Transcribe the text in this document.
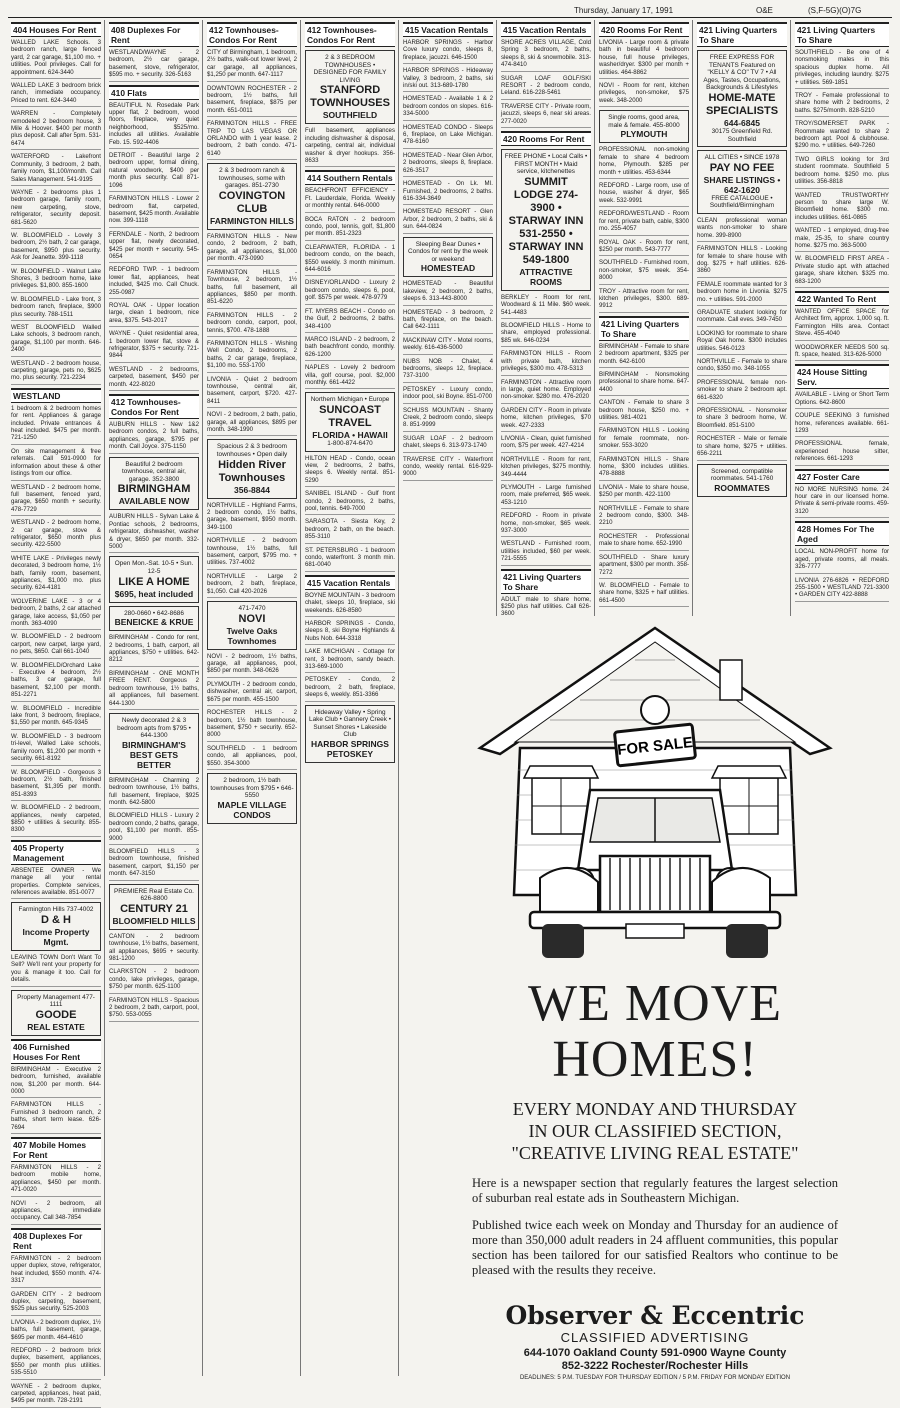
Thursday, January 17, 1991	O&E	(S,F-5G)(O)7G
404 Houses For Rent
WALLED LAKE Schools. 3 bedroom ranch, large fenced yard, 2 car garage, $1,100 mo. + utilities. Pool privileges. Call for appointment. 624-3440
WALLED LAKE 3 bedroom brick ranch, immediate occupancy. Priced to rent. 624-3440
WARREN - Completely remodeled 2 bedroom house, 3 Mile & Hoover. $400 per month plus deposit. Call after 5pm. 531-6474
WATERFORD - Lakefront Community, 3 bedroom, 2 bath, family room, $1,100/month. Call Sales Management. 541-9195
WAYNE - 2 bedrooms plus 1 bedroom garage, family room, new carpeting, stove, refrigerator, security deposit. 681-5620
W. BLOOMFIELD - Lovely 3 bedroom, 2½ bath, 2 car garage, basement, $950 plus security. Ask for Jeanette. 399-1118
W. BLOOMFIELD - Walnut Lake Shores, 3 bedroom home, lake privileges. $1,800. 855-1600
W. BLOOMFIELD - Lake front, 3 bedroom ranch, fireplace, $900 plus security. 788-1511
WEST BLOOMFIELD Walled Lake schools, 3 bedroom ranch, garage, $1,100 per month. 646-2400
WESTLAND - 2 bedroom house, carpeting, garage, pets no, $625 mo. plus security. 721-2234
WESTLAND
1 bedroom & 2 bedroom homes for rent. Appliances & garage included. Private entrances & heat included. $475 per month. 721-1250
On site management & free referrals. Call 591-0900 for information about these & other listings from our office.
WESTLAND - 2 bedroom home, full basement, fenced yard, garage, $650 month + security. 478-7729
WESTLAND - 2 bedroom home, 2 car garage, stove & refrigerator, $650 month plus security. 422-5500
WHITE LAKE - Privileges newly decorated, 3 bedroom home, 1½ bath, family room, basement, appliances, $1,000 mo. plus security. 624-4181
WOLVERINE LAKE - 3 or 4 bedroom, 2 baths, 2 car attached garage, lake access, $1,050 per month. 363-4090
W. BLOOMFIELD - 2 bedroom carport, new carpet, large yard, no pets, $650. Call 661-1040
W. BLOOMFIELD/Orchard Lake - Executive 4 bedroom, 2½ baths, 3 car garage, full basement, $2,100 per month. 851-2271
W. BLOOMFIELD - Incredible lake front, 3 bedroom, fireplace, $1,550 per month. 645-9345
W. BLOOMFIELD - 3 bedroom tri-level, Walled Lake schools, family room, $1,200 per month + security. 661-8192
W. BLOOMFIELD - Gorgeous 3 bedroom, 2½ bath, finished basement, $1,395 per month. 851-8393
W. BLOOMFIELD - 2 bedroom, appliances, newly carpeted, $850 + utilities & security. 855-8300
405 Property Management
ABSENTEE OWNER - We manage all your rental properties. Complete services, references available. 851-0077
Farmington Hills 737-4002
D & H
Income Property Mgmt.
LEAVING TOWN Don't Want To Sell? We'll rent your property for you & manage it too. Call for details.
Property Management 477-1111
GOODE
REAL ESTATE
406 Furnished Houses For Rent
BIRMINGHAM - Executive 2 bedroom, furnished, available now, $1,200 per month. 644-0000
FARMINGTON HILLS - Furnished 3 bedroom ranch, 2 baths, short term lease. 626-7694
407 Mobile Homes For Rent
FARMINGTON HILLS - 2 bedroom mobile home, appliances, $450 per month. 471-0020
NOVI - 2 bedroom, all appliances, immediate occupancy. Call 348-7854
408 Duplexes For Rent
FARMINGTON - 2 bedroom upper duplex, stove, refrigerator, heat included, $550 month. 474-3317
GARDEN CITY - 2 bedroom duplex, carpeting, basement, $525 plus security. 525-2003
LIVONIA - 2 bedroom duplex, 1½ baths, full basement, garage, $695 per month. 464-4610
REDFORD - 2 bedroom brick duplex, basement, appliances, $550 per month plus utilities. 535-5510
WAYNE - 2 bedroom duplex, carpeted, appliances, heat paid, $495 per month. 728-2191
408 Duplexes For Rent
WESTLAND/WAYNE - 2 bedroom, 2½ car garage, basement, stove, refrigerator, $595 mo. + security. 326-5163
410 Flats
BEAUTIFUL N. Rosedale Park upper flat, 2 bedroom, wood floors, fireplace, very quiet neighborhood, $525/mo. includes all utilities. Available Feb. 15. 592-4406
DETROIT - Beautiful large 2 bedroom upper, formal dining, natural woodwork, $400 per month plus security. Call 871-1096
FARMINGTON HILLS - Lower 2 bedroom flat, carpeted, basement, $425 month. Available now. 399-1118
FERNDALE - North, 2 bedroom upper flat, newly decorated, $425 per month + security. 545-0654
REDFORD TWP. - 1 bedroom lower flat, appliances, heat included, $425 mo. Call Chuck. 255-0987
ROYAL OAK - Upper location large, clean 1 bedroom, nice area, $375. 543-2017
WAYNE - Quiet residential area, 1 bedroom lower flat, stove & refrigerator, $375 + security. 721-9844
WESTLAND - 2 bedrooms, carpeted, basement, $450 per month. 422-8020
412 Townhouses-Condos For Rent
AUBURN HILLS - New 1&2 bedroom condos, 2 full baths, appliances, garage, $795 per month. Call Joyce. 375-1150
Beautiful 2 bedroom townhouse, central air, garage. 352-3800
BIRMINGHAM
AVAILABLE NOW
AUBURN HILLS - Sylvan Lake & Pontiac schools, 2 bedrooms, refrigerator, dishwasher, washer & dryer, $650 per month. 332-5000
Open Mon.-Sat. 10-5 • Sun. 12-5
LIKE A HOME
$695, heat included
280-0660 • 642-8686
BENEICKE & KRUE
BIRMINGHAM - Condo for rent, 2 bedrooms, 1 bath, carport, all appliances, $750 + utilities. 642-8212
BIRMINGHAM - ONE MONTH FREE RENT. Gorgeous 2 bedroom townhouse, 1½ baths, all appliances, full basement. 644-1300
Newly decorated 2 & 3 bedroom apts from $795 • 644-1300
BIRMINGHAM'S BEST GETS BETTER
BIRMINGHAM - Charming 2 bedroom townhouse, 1½ baths, full basement, fireplace, $925 month. 642-5800
BLOOMFIELD HILLS - Luxury 2 bedroom condo, 2 baths, garage, pool, $1,100 per month. 855-9000
BLOOMFIELD HILLS - 3 bedroom townhouse, finished basement, carport, $1,150 per month. 647-3150
PREMIERE Real Estate Co. 626-8800
CENTURY 21
BLOOMFIELD HILLS
CANTON - 2 bedroom townhouse, 1½ baths, basement, all appliances, $695 + security. 981-1200
CLARKSTON - 2 bedroom condo, lake privileges, garage, $750 per month. 625-1100
FARMINGTON HILLS - Spacious 2 bedroom, 2 bath, carport, pool, $750. 553-0055
412 Townhouses-Condos For Rent
CITY of Birmingham, 1 bedroom, 2½ baths, walk-out lower level, 2 car garage, all appliances, $1,250 per month. 647-1117
DOWNTOWN ROCHESTER - 2 bedroom, 1½ baths, full basement, fireplace, $875 per month. 651-0011
FARMINGTON HILLS - FREE TRIP TO LAS VEGAS OR ORLANDO with 1 year lease. 2 bedroom, 2 bath condo. 471-6140
2 & 3 bedroom ranch & townhouses, some with garages. 851-2730
COVINGTON CLUB
FARMINGTON HILLS
FARMINGTON HILLS - New condo, 2 bedroom, 2 bath, garage, all appliances, $1,000 per month. 473-0990
FARMINGTON HILLS - Townhouse, 2 bedroom, 1½ baths, full basement, all appliances, $850 per month. 851-6220
FARMINGTON HILLS - 2 bedroom condo, carport, pool, tennis, $700. 478-1888
FARMINGTON HILLS - Wishing Well Condo, 2 bedrooms, 2 baths, 2 car garage, fireplace, $1,100 mo. 553-1700
LIVONIA - Quiet 2 bedroom townhouse, central air, basement, carport, $720. 427-8411
NOVI - 2 bedroom, 2 bath, patio, garage, all appliances, $895 per month. 348-1990
Spacious 2 & 3 bedroom townhouses • Open daily
Hidden River Townhouses
356-8844
NORTHVILLE - Highland Farms, 2 bedroom condo, 1½ baths, garage, basement, $950 month. 349-1100
NORTHVILLE - 2 bedroom townhouse, 1½ baths, full basement, carport, $795 mo. + utilities. 737-4002
NORTHVILLE - Large 2 bedroom, 2 bath, fireplace, $1,050. Call 420-2026
471-7470
NOVI
Twelve Oaks Townhomes
NOVI - 2 bedroom, 1½ baths, garage, all appliances, pool, $850 per month. 348-0626
PLYMOUTH - 2 bedroom condo, dishwasher, central air, carport, $675 per month. 455-1500
ROCHESTER HILLS - 2 bedroom, 1½ bath townhouse, basement, $750 + security. 652-8000
SOUTHFIELD - 1 bedroom condo, all appliances, pool, $550. 354-3000
2 bedroom, 1½ bath townhouses from $795 • 646-5550
MAPLE VILLAGE CONDOS
412 Townhouses-Condos For Rent
2 & 3 BEDROOM TOWNHOUSES • DESIGNED FOR FAMILY LIVING
STANFORD TOWNHOUSES
SOUTHFIELD
Full basement, appliances including dishwasher & disposal, carpeting, central air, individual washer & dryer hookups. 356-8633
414 Southern Rentals
BEACHFRONT EFFICIENCY - Ft. Lauderdale, Florida. Weekly or monthly rental. 646-0000
BOCA RATON - 2 bedroom condo, pool, tennis, golf, $1,800 per month. 851-2323
CLEARWATER, FLORIDA - 1 bedroom condo, on the beach, $550 weekly. 3 month minimum. 644-6016
DISNEY/ORLANDO - Luxury 2 bedroom condo, sleeps 6, pool, golf. $575 per week. 478-9779
FT. MYERS BEACH - Condo on the Gulf, 2 bedrooms, 2 baths. 348-4100
MARCO ISLAND - 2 bedroom, 2 bath beachfront condo, monthly. 626-1200
NAPLES - Lovely 2 bedroom villa, golf course, pool. $2,000 monthly. 661-4422
Northern Michigan • Europe
SUNCOAST TRAVEL
FLORIDA • HAWAII
1-800-874-6470
HILTON HEAD - Condo, ocean view, 2 bedrooms, 2 baths, sleeps 6. Weekly rental. 851-5290
SANIBEL ISLAND - Gulf front condo, 2 bedrooms, 2 baths, pool, tennis. 649-7000
SARASOTA - Siesta Key, 2 bedroom, 2 bath, on the beach. 855-3110
ST. PETERSBURG - 1 bedroom condo, waterfront. 3 month min. 681-0040
415 Vacation Rentals
BOYNE MOUNTAIN - 3 bedroom chalet, sleeps 10, fireplace, ski weekends. 626-8580
HARBOR SPRINGS - Condo, sleeps 8, ski Boyne Highlands & Nubs Nob. 644-3318
LAKE MICHIGAN - Cottage for rent, 3 bedroom, sandy beach. 313-669-1000
PETOSKEY - Condo, 2 bedroom, 2 bath, fireplace, sleeps 6, weekly. 851-3366
Hideaway Valley • Spring Lake Club • Gannery Creek • Sunset Shores • Lakeside Club
HARBOR SPRINGS PETOSKEY
415 Vacation Rentals
HARBOR SPRINGS - Harbor Cove luxury condo, sleeps 8, fireplace, jacuzzi. 646-1500
HARBOR SPRINGS - Hideaway Valley, 3 bedroom, 2 baths, ski in/ski out. 313-689-1780
HOMESTEAD - Available 1 & 2 bedroom condos on slopes. 616-334-5000
HOMESTEAD CONDO - Sleeps 6, fireplace, on Lake Michigan. 478-6160
HOMESTEAD - Near Glen Arbor, 2 bedrooms, sleeps 8, fireplace. 626-3517
HOMESTEAD - On Lk. MI. Furnished, 2 bedrooms, 2 baths. 616-334-3649
HOMESTEAD RESORT - Glen Arbor, 2 bedroom, 2 baths, ski & sun. 644-0824
Sleeping Bear Dunes • Condos for rent by the week or weekend
HOMESTEAD
HOMESTEAD - Beautiful lakeview, 2 bedroom, 2 baths, sleeps 6. 313-443-8000
HOMESTEAD - 3 bedroom, 2 bath, fireplace, on the beach. Call 642-1111
MACKINAW CITY - Motel rooms, weekly. 616-436-5000
NUBS NOB - Chalet, 4 bedrooms, sleeps 12, fireplace. 737-3100
PETOSKEY - Luxury condo, indoor pool, ski Boyne. 851-0700
SCHUSS MOUNTAIN - Shanty Creek, 2 bedroom condo, sleeps 8. 851-9999
SUGAR LOAF - 2 bedroom chalet, sleeps 6. 313-973-1740
TRAVERSE CITY - Waterfront condo, weekly rental. 616-929-9000
415 Vacation Rentals
SHORE ACRES VILLAGE, Cold Spring 3 bedroom, 2 baths, sleeps 8, ski & snowmobile. 313-474-8410
SUGAR LOAF GOLF/SKI RESORT - 2 bedroom condo, Leland. 616-228-5461
TRAVERSE CITY - Private room, jacuzzi, sleeps 6, near ski areas. 277-0020
420 Rooms For Rent
FREE PHONE • Local Calls • FIRST MONTH • Maid service, kitchenettes
SUMMIT LODGE 274-3900 • STARWAY INN 531-2550 • STARWAY INN 549-1800
ATTRACTIVE ROOMS
BERKLEY - Room for rent, Woodward & 11 Mile. $60 week. 541-4483
BLOOMFIELD HILLS - Home to share, employed professional. $85 wk. 646-0234
FARMINGTON HILLS - Room with private bath, kitchen privileges, $300 mo. 478-5313
FARMINGTON - Attractive room in large, quiet home. Employed non-smoker. $280 mo. 476-2020
GARDEN CITY - Room in private home, kitchen privileges, $70 week. 427-2333
LIVONIA - Clean, quiet furnished room, $75 per week. 427-4214
NORTHVILLE - Room for rent, kitchen privileges, $275 monthly. 349-4444
PLYMOUTH - Large furnished room, male preferred, $65 week. 453-1210
REDFORD - Room in private home, non-smoker, $65 week. 937-3000
WESTLAND - Furnished room, utilities included, $60 per week. 721-5555
421 Living Quarters To Share
ADULT male to share home, $250 plus half utilities. Call 626-3600
420 Rooms For Rent
LIVONIA - Large room & private bath in beautiful 4 bedroom house, full house privileges, washer/dryer. $300 per month + utilities. 464-8862
NOVI - Room for rent, kitchen privileges, non-smoker, $75 week. 348-2000
Single rooms, good area, male & female. 455-8000
PLYMOUTH
PROFESSIONAL non-smoking female to share 4 bedroom home, Plymouth. $285 per month + utilities. 453-6344
REDFORD - Large room, use of house, washer & dryer, $65 week. 532-9991
REDFORD/WESTLAND - Room for rent, private bath, cable, $300 mo. 255-4057
ROYAL OAK - Room for rent, $250 per month. 543-7777
SOUTHFIELD - Furnished room, non-smoker, $75 week. 354-8000
TROY - Attractive room for rent, kitchen privileges, $300. 689-9912
421 Living Quarters To Share
BIRMINGHAM - Female to share 2 bedroom apartment, $325 per month. 642-6100
BIRMINGHAM - Nonsmoking professional to share home. 647-4400
CANTON - Female to share 3 bedroom house, $250 mo. + utilities. 981-4021
FARMINGTON HILLS - Looking for female roommate, non-smoker. 553-3020
FARMINGTON HILLS - Share home, $300 includes utilities. 478-8888
LIVONIA - Male to share house, $250 per month. 422-1100
NORTHVILLE - Female to share 2 bedroom condo, $300. 348-2210
ROCHESTER - Professional male to share home. 652-1990
SOUTHFIELD - Share luxury apartment, $300 per month. 358-7272
W. BLOOMFIELD - Female to share home, $325 + half utilities. 661-4500
421 Living Quarters To Share
FREE EXPRESS FOR TENANTS Featured on "KELLY & CO" TV 7 • All Ages, Tastes, Occupations, Backgrounds & Lifestyles
HOME-MATE SPECIALISTS
644-6845
30175 Greenfield Rd. Southfield
ALL CITIES • SINCE 1978
PAY NO FEE
SHARE LISTINGS • 642-1620
FREE CATALOGUE • Southfield/Birmingham
CLEAN professional woman wants non-smoker to share home. 399-8900
FARMINGTON HILLS - Looking for female to share house with dog. $275 + half utilities. 626-3860
FEMALE roommate wanted for 3 bedroom home in Livonia. $275 mo. + utilities. 591-2000
GRADUATE student looking for roommate. Call eves. 349-7450
LOOKING for roommate to share Royal Oak home. $300 includes utilities. 546-0123
NORTHVILLE - Female to share condo, $350 mo. 348-1055
PROFESSIONAL female non-smoker to share 2 bedroom apt. 661-6320
PROFESSIONAL - Nonsmoker to share 3 bedroom home, W. Bloomfield. 851-5100
ROCHESTER - Male or female to share home, $275 + utilities. 656-2211
Screened, compatible roommates. 541-1760
ROOMMATES
421 Living Quarters To Share
SOUTHFIELD - Be one of 4 nonsmoking males in this spacious duplex home. All privileges, including laundry. $275 + utilities. 569-1851
TROY - Female professional to share home with 2 bedrooms, 2 baths. $275/month. 828-5210
TROY/SOMERSET PARK - Roommate wanted to share 2 bedroom apt. Pool & clubhouse. $290 mo. + utilities. 649-7260
TWO GIRLS looking for 3rd student roommate. Southfield 5 bedroom home. $250 mo. plus utilities. 356-8818
WANTED TRUSTWORTHY person to share large W. Bloomfield home. $300 mo. includes utilities. 661-0865
WANTED - 1 employed, drug-free male, 25-35, to share country home. $275 mo. 363-5000
W. BLOOMFIELD FIRST AREA - Private studio apt. with attached garage, share kitchen. $325 mo. 683-1200
422 Wanted To Rent
WANTED OFFICE SPACE for Architect firm, approx. 1,000 sq. ft. Farmington Hills area. Contact Steve. 455-4040
WOODWORKER NEEDS 500 sq. ft. space, heated. 313-626-5000
424 House Sitting Serv.
AVAILABLE - Living or Short Term Options. 642-8600
COUPLE SEEKING 3 furnished home, references available. 661-1293
PROFESSIONAL female, experienced house sitter, references. 661-1293
427 Foster Care
NO MORE NURSING home. 24 hour care in our licensed home. Private & semi-private rooms. 459-3120
428 Homes For The Aged
LOCAL NON-PROFIT home for aged, private rooms, all meals. 326-7777
LIVONIA 276-6826 • REDFORD 255-1500 • WESTLAND 721-3300 • GARDEN CITY 422-8888
FOR SALE
WE MOVE
HOMES!
EVERY MONDAY AND THURSDAY
IN OUR CLASSIFIED SECTION,
"CREATIVE LIVING REAL ESTATE"

Here is a newspaper section that regularly features the largest selection of suburban real estate ads in Southeastern Michigan.

Published twice each week on Monday and Thursday for an audience of more than 350,000 adult readers in 24 affluent communities, this popular section has been tailored for our satisfied Realtors who continue to be pleased with the results they receive.

Observer & Eccentric
CLASSIFIED ADVERTISING
644-1070 Oakland County 591-0900 Wayne County
852-3222 Rochester/Rochester Hills
DEADLINES: 5 P.M. TUESDAY FOR THURSDAY EDITION / 5 P.M. FRIDAY FOR MONDAY EDITION
